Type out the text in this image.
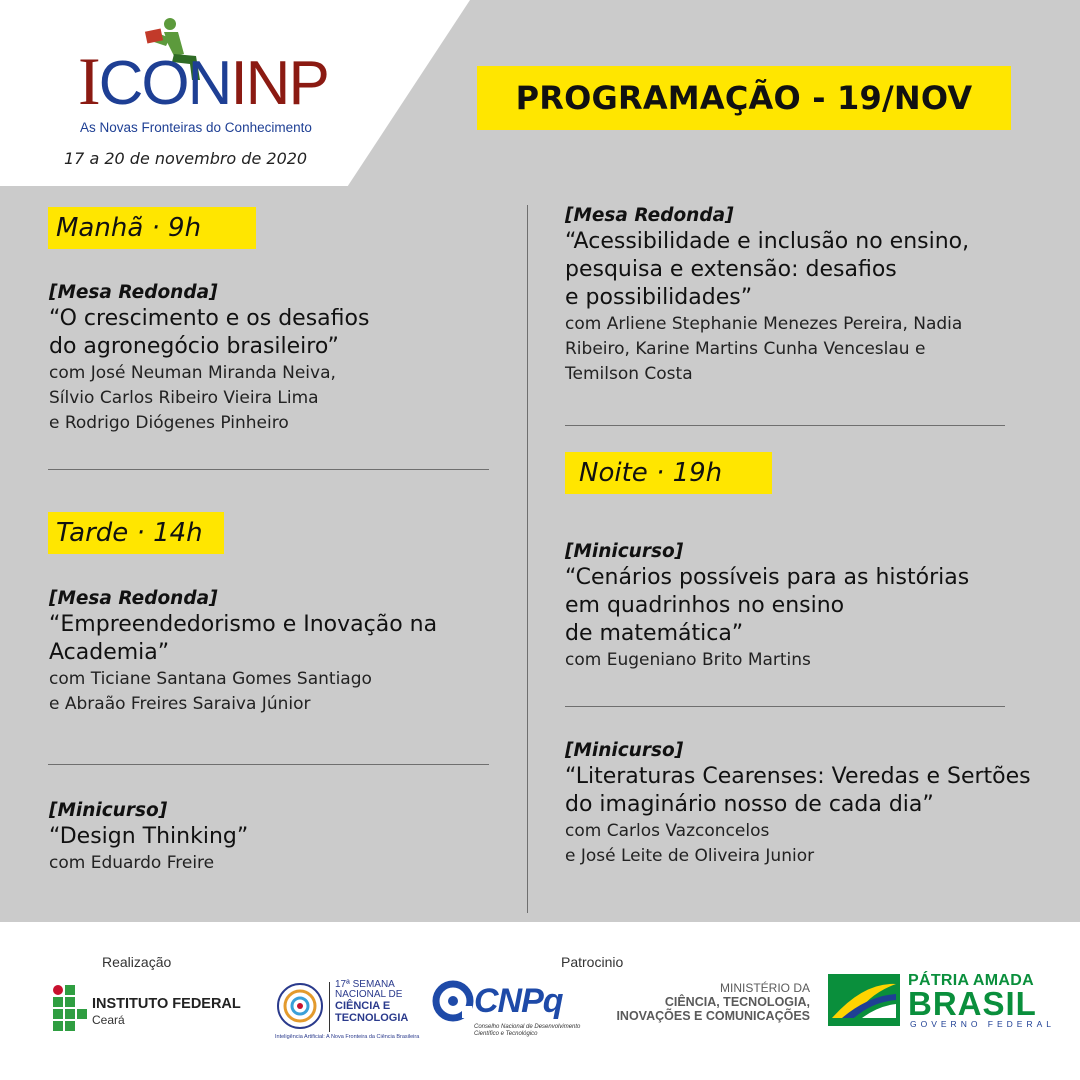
ICONINP
As Novas Fronteiras do Conhecimento
17 a 20 de novembro de 2020
PROGRAMAÇÃO - 19/NOV
Manhã · 9h
[Mesa Redonda]
“O crescimento e os desafios
do agronegócio brasileiro”
com José Neuman Miranda Neiva,
Sílvio Carlos Ribeiro Vieira Lima
e Rodrigo Diógenes Pinheiro
Tarde · 14h
[Mesa Redonda]
“Empreendedorismo e Inovação na
Academia”
com Ticiane Santana Gomes Santiago
e Abraão Freires Saraiva Júnior
[Minicurso]
“Design Thinking”
com Eduardo Freire
[Mesa Redonda]
“Acessibilidade e inclusão no ensino,
pesquisa e extensão: desafios
e possibilidades”
com Arliene Stephanie Menezes Pereira, Nadia
Ribeiro, Karine Martins Cunha Venceslau e
Temilson Costa
Noite · 19h
[Minicurso]
“Cenários possíveis para as histórias
em quadrinhos no ensino
de matemática”
com Eugeniano Brito Martins
[Minicurso]
“Literaturas Cearenses: Veredas e Sertões
do imaginário nosso de cada dia”
com Carlos Vazconcelos
e José Leite de Oliveira Junior
Realização	Patrocinio
INSTITUTO FEDERAL
Ceará
17ª SEMANA
NACIONAL DE
CIÊNCIA E
TECNOLOGIA
Inteligência Artificial: A Nova Fronteira da Ciência Brasileira
CNPq
Conselho Nacional de Desenvolvimento Científico e Tecnológico
MINISTÉRIO DA
CIÊNCIA, TECNOLOGIA,
INOVAÇÕES E COMUNICAÇÕES
PÁTRIA AMADA
BRASIL
GOVERNO FEDERAL
